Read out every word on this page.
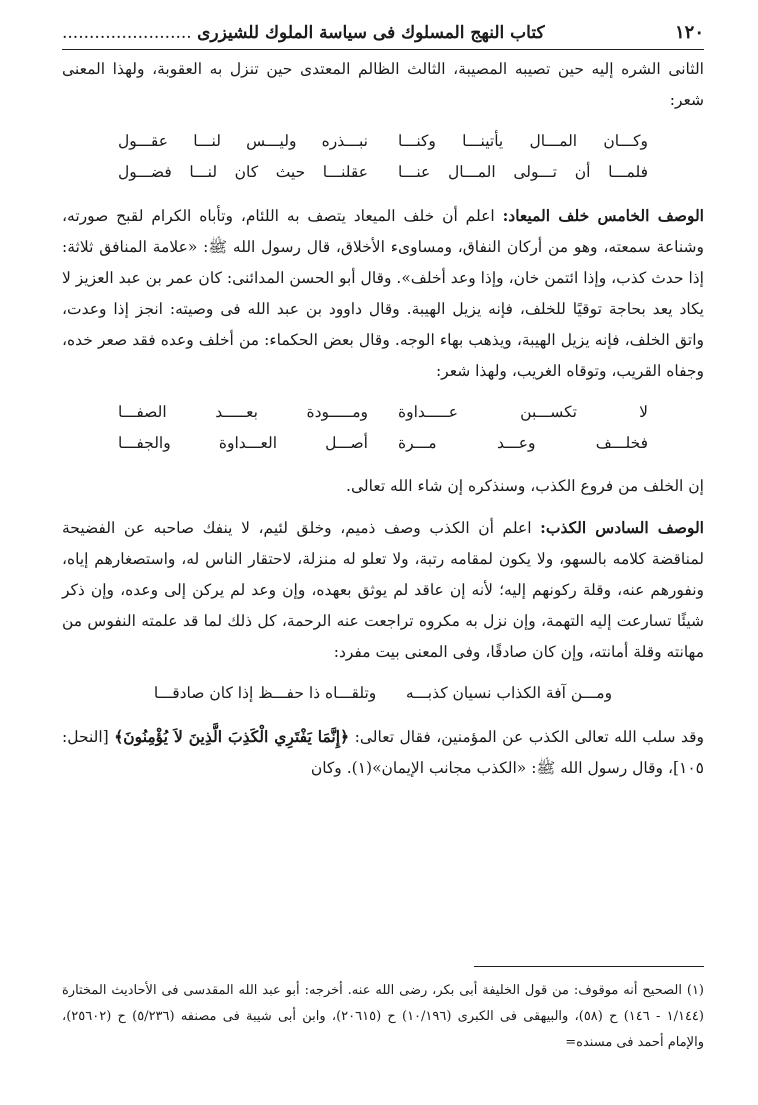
١٢٠
كتاب النهج المسلوك فى سياسة الملوك للشيزرى .....

الثانى الشره إليه حين تصيبه المصيبة، الثالث الظالم المعتدى حين تنزل به العقوبة، ولهذا المعنى شعر:

وكـــان المـــال يأتينـــا وكنـــا
نبـــذره وليـــس لنـــا عقـــول
فلمـــا أن تـــولى المـــال عنـــا
عقلنـــا حيث كان لنـــا فضـــول

الوصف الخامس خلف الميعاد: اعلم أن خلف الميعاد يتصف به اللئام، وتأباه الكرام لقبح صورته، وشناعة سمعته، وهو من أركان النفاق، ومساوىء الأخلاق، قال رسول الله ﷺ: «علامة المنافق ثلاثة: إذا حدث كذب، وإذا ائتمن خان، وإذا وعد أخلف». وقال أبو الحسن المدائنى: كان عمر بن عبد العزيز لا يكاد يعد بحاجة توقيًا للخلف، فإنه يزيل الهيبة. وقال داوود بن عبد الله فى وصيته: انجز إذا وعدت، واتق الخلف، فإنه يزيل الهيبة، ويذهب بهاء الوجه. وقال بعض الحكماء: من أخلف وعده فقد صعر خده، وجفاه القريب، وتوقاه الغريب، ولهذا شعر:

لا تكســـبن عـــــداوة
ومـــــودة بعـــــد الصفـــا
فخلـــف وعـــد مـــرة
أصـــل العـــداوة والجفـــا

إن الخلف من فروع الكذب، وسنذكره إن شاء الله تعالى.

الوصف السادس الكذب: اعلم أن الكذب وصف ذميم، وخلق لئيم، لا ينفك صاحبه عن الفضيحة لمناقضة كلامه بالسهو، ولا يكون لمقامه رتبة، ولا تعلو له منزلة، لاحتقار الناس له، واستصغارهم إياه، ونفورهم عنه، وقلة ركونهم إليه؛ لأنه إن عاقد لم يوثق بعهده، وإن وعد لم يركن إلى وعده، وإن ذكر شيئًا تسارعت إليه التهمة، وإن نزل به مكروه تراجعت عنه الرحمة، كل ذلك لما قد علمته النفوس من مهانته وقلة أمانته، وإن كان صادقًا، وفى المعنى بيت مفرد:

ومـــن آفة الكذاب نسيان كذبـــه      وتلقـــاه ذا حفـــظ إذا كان صادقـــا

وقد سلب الله تعالى الكذب عن المؤمنين، فقال تعالى: ﴿إِنَّمَا يَفْتَرِي الْكَذِبَ الَّذِينَ لاَ يُؤْمِنُونَ﴾ [النحل: ١٠٥]، وقال رسول الله ﷺ: «الكذب مجانب الإيمان»(١). وكان

(١) الصحيح أنه موقوف: من قول الخليفة أبى بكر، رضى الله عنه. أخرجه: أبو عبد الله المقدسى فى الأحاديث المختارة (١/١٤٤ - ١٤٦) ح (٥٨)، والبيهقى فى الكبرى (١٠/١٩٦) ح (٢٠٦١٥)، وابن أبى شيبة فى مصنفه (٥/٢٣٦) ح (٢٥٦٠٢)، والإمام أحمد فى مسنده=
